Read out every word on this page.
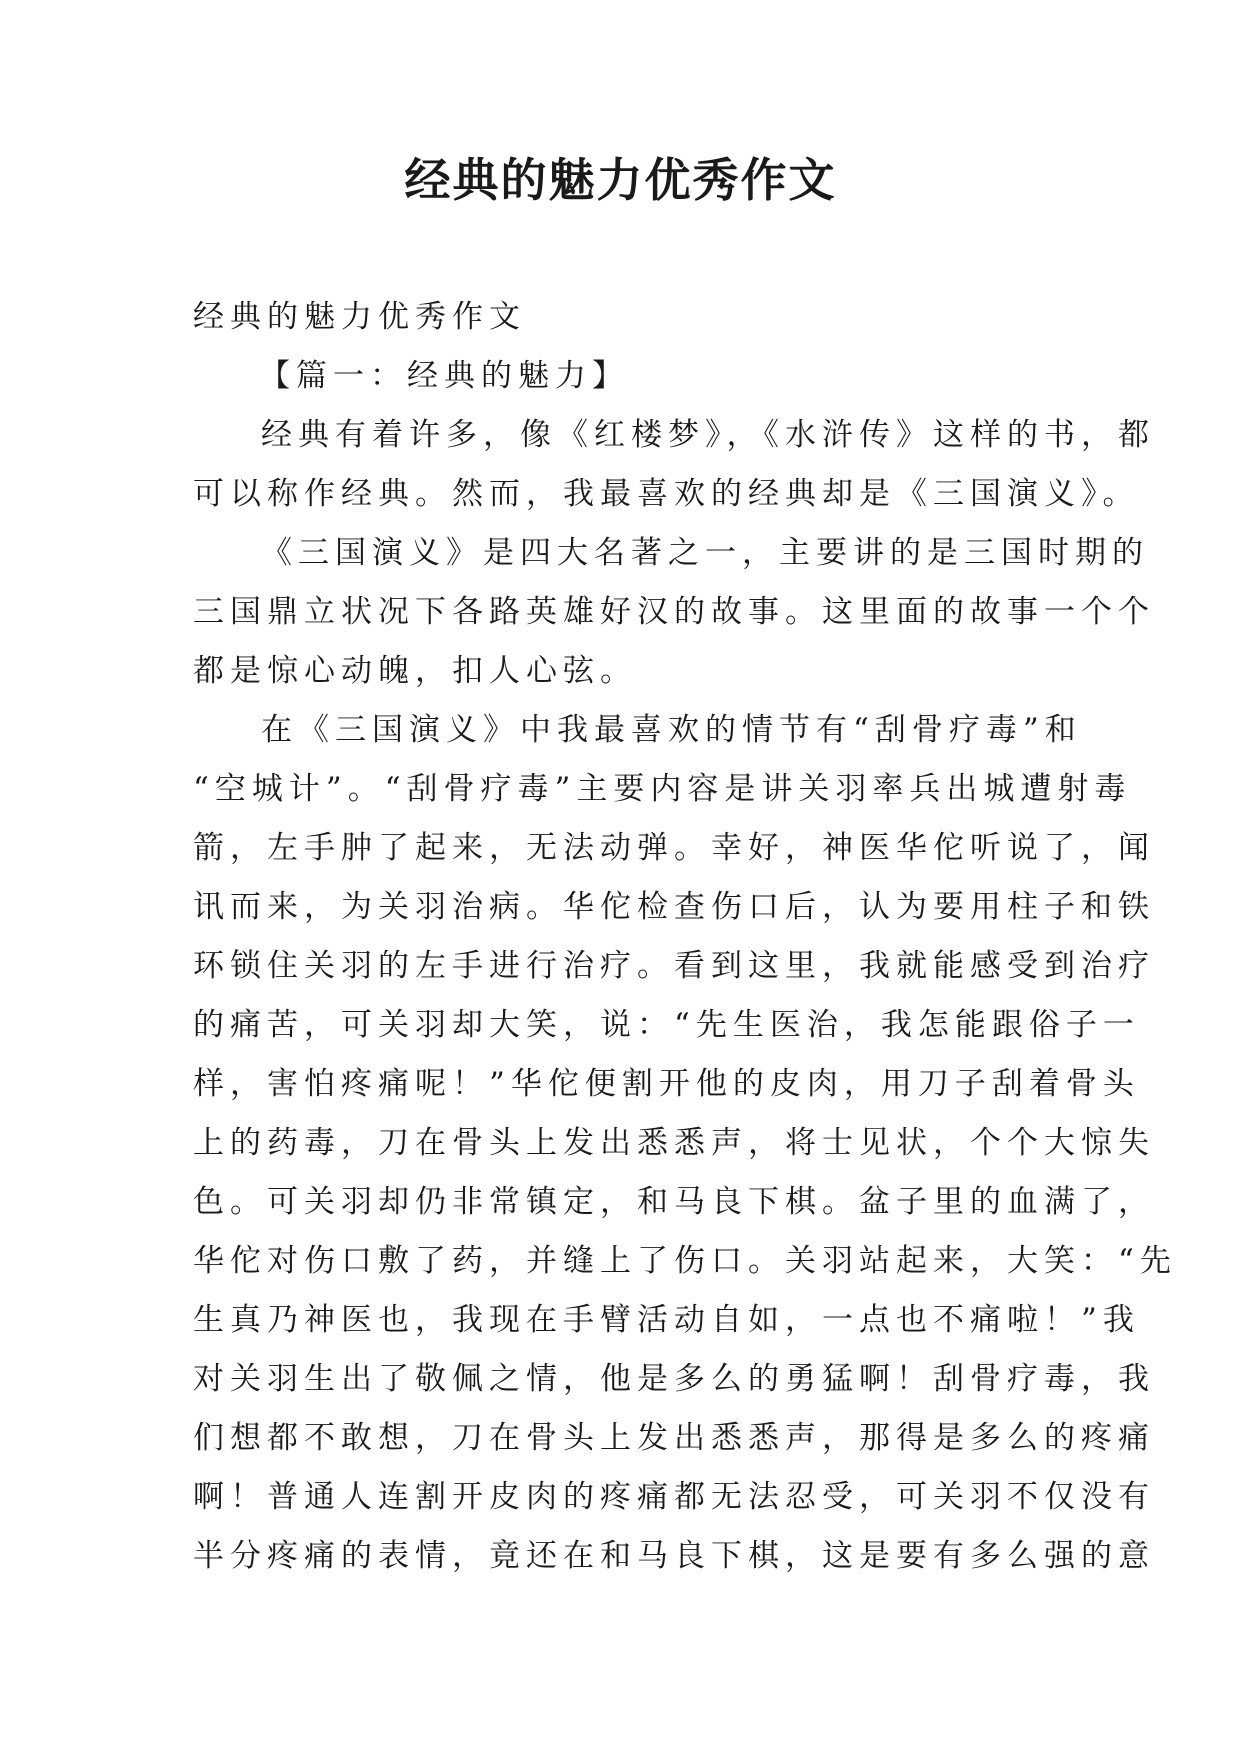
经典的魅力优秀作文
经典的魅力优秀作文
【篇一：经典的魅力】
经典有着许多，像《红楼梦》，《水浒传》这样的书，都
可以称作经典。然而，我最喜欢的经典却是《三国演义》。
《三国演义》是四大名著之一，主要讲的是三国时期的
三国鼎立状况下各路英雄好汉的故事。这里面的故事一个个
都是惊心动魄，扣人心弦。
在《三国演义》中我最喜欢的情节有“刮骨疗毒”和
“空城计”。“刮骨疗毒”主要内容是讲关羽率兵出城遭射毒
箭，左手肿了起来，无法动弹。幸好，神医华佗听说了，闻
讯而来，为关羽治病。华佗检查伤口后，认为要用柱子和铁
环锁住关羽的左手进行治疗。看到这里，我就能感受到治疗
的痛苦，可关羽却大笑，说：“先生医治，我怎能跟俗子一
样，害怕疼痛呢！”华佗便割开他的皮肉，用刀子刮着骨头
上的药毒，刀在骨头上发出悉悉声，将士见状，个个大惊失
色。可关羽却仍非常镇定，和马良下棋。盆子里的血满了，
华佗对伤口敷了药，并缝上了伤口。关羽站起来，大笑：“先
生真乃神医也，我现在手臂活动自如，一点也不痛啦！”我
对关羽生出了敬佩之情，他是多么的勇猛啊！刮骨疗毒，我
们想都不敢想，刀在骨头上发出悉悉声，那得是多么的疼痛
啊！普通人连割开皮肉的疼痛都无法忍受，可关羽不仅没有
半分疼痛的表情，竟还在和马良下棋，这是要有多么强的意
